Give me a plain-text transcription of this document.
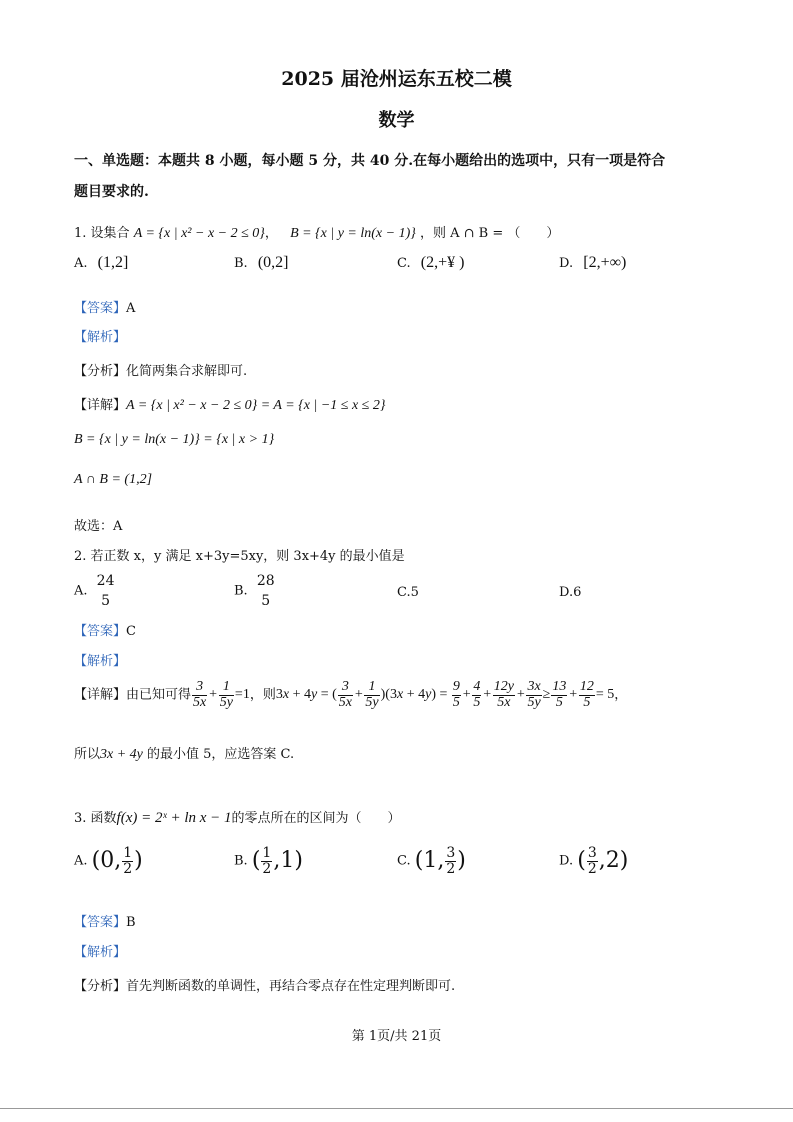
2025 届沧州运东五校二模
数学
一、单选题：本题共 8 小题，每小题 5 分，共 40 分.在每小题给出的选项中，只有一项是符合
题目要求的.
1. 设集合 A = {x | x² − x − 2 ≤ 0}， B = {x | y = ln(x − 1)} ，则 A ∩ B = （　　）
A. (1,2]	B. (0,2]	C. (2,+¥ )	D. [2,+∞)
【答案】A
【解析】
【分析】化简两集合求解即可.
【详解】A = {x | x² − x − 2 ≤ 0} = A = {x | −1 ≤ x ≤ 2}
B = {x | y = ln(x − 1)} = {x | x > 1}
A ∩ B = (1,2]
故选：A
2. 若正数 x，y 满足 x+3y=5xy，则 3x+4y 的最小值是
A.
24
5
B.
28
5
C.5	D.6
【答案】C
【解析】
【详解】由已知可得 $\frac{3}{5x} + \frac{1}{5y} =1$，则3x + 4y = ( $\frac{3}{5x} + \frac{1}{5y} )(3x + 4y) = \frac{9}{5} + \frac{4}{5} + \frac{12y}{5x} + \frac{3x}{5y} \ge \frac{13}{5} + \frac{12}{5} = 5$，
所以3x + 4y 的最小值 5，应选答案 C.
3. 函数f(x) = 2ˣ + ln x − 1的零点所在的区间为（　　）
A. (0, $\frac{1}{2}$ )	B. ( $\frac{1}{2} ,1$)	C. (1, $\frac{3}{2}$ )	D. ( $\frac{3}{2} ,2$)
【答案】B
【解析】
【分析】首先判断函数的单调性，再结合零点存在性定理判断即可.
第 1页/共 21页
